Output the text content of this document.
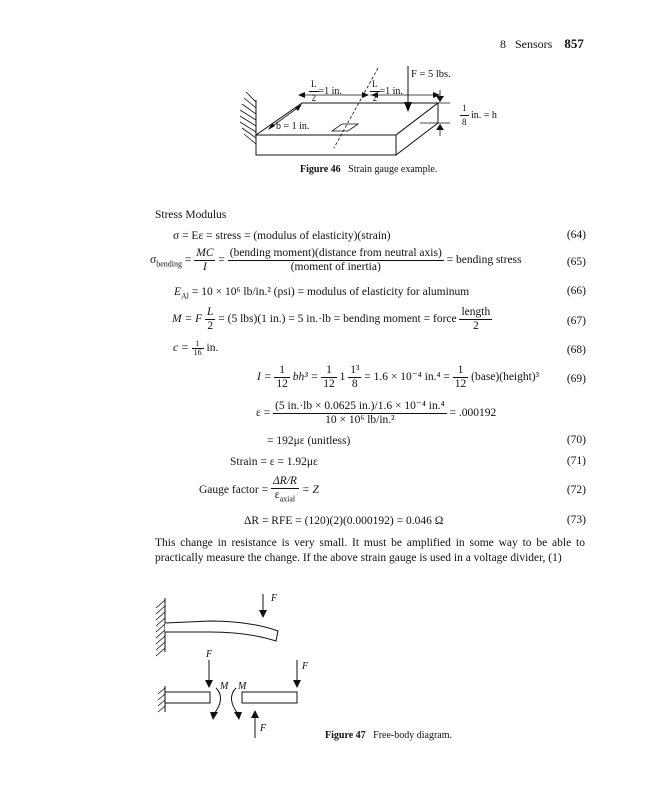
8 Sensors 857
F = 5 lbs.
$\frac{L}{2} =1$ in.	$\frac{L}{2} =1$ in.
$\frac{1}{8}$ in. = h
b = 1 in.
Figure 46 Strain gauge example.
Stress Modulus
σ = Eε = stress = (modulus of elasticity)(strain)	(64)
$\sigma_{bending} = \frac{MC}{I} = \frac{\text{(bending moment)(distance from neutral axis)}}{\text{(moment of inertia)}}$ = bending stress	(65)
$E_{Al} = 10 \times 10^6$ lb/in.² (psi) = modulus of elasticity for aluminum	(66)
M = F $\frac{L}{2} = (5$ lbs)(1 in.) = 5 in.·lb = bending moment = force $\frac{\text{length}}{2}$	(67)
$c = \frac{1}{16}$ in.	(68)
$I = \frac{1}{12} bh^3 = \frac{1}{12} 1 \frac{\text{1³}}{8} = 1.6 \times 10^{-4}$ $in.^4 = \frac{1}{12}$ (base)(height)³	(69)
$\varepsilon = \frac{\text{(5 in.·lb × 0.0625 in.)/1.6 × 10⁻⁴ in.⁴}}{\text{10 × 10⁶ lb/in.²}} = .000192$
= 192με (unitless)	(70)
Strain = ε = 1.92με	(71)
Gauge factor = $\frac{\Delta R/R}{\varepsilon_{axial}} = Z$	(72)
ΔR = RFE = (120)(2)(0.000192) = 0.046 Ω	(73)
This change in resistance is very small. It must be amplified in some way to be able to practically measure the change. If the above strain gauge is used in a voltage divider, (1)
F
F
F
M M
F
Figure 47 Free-body diagram.
